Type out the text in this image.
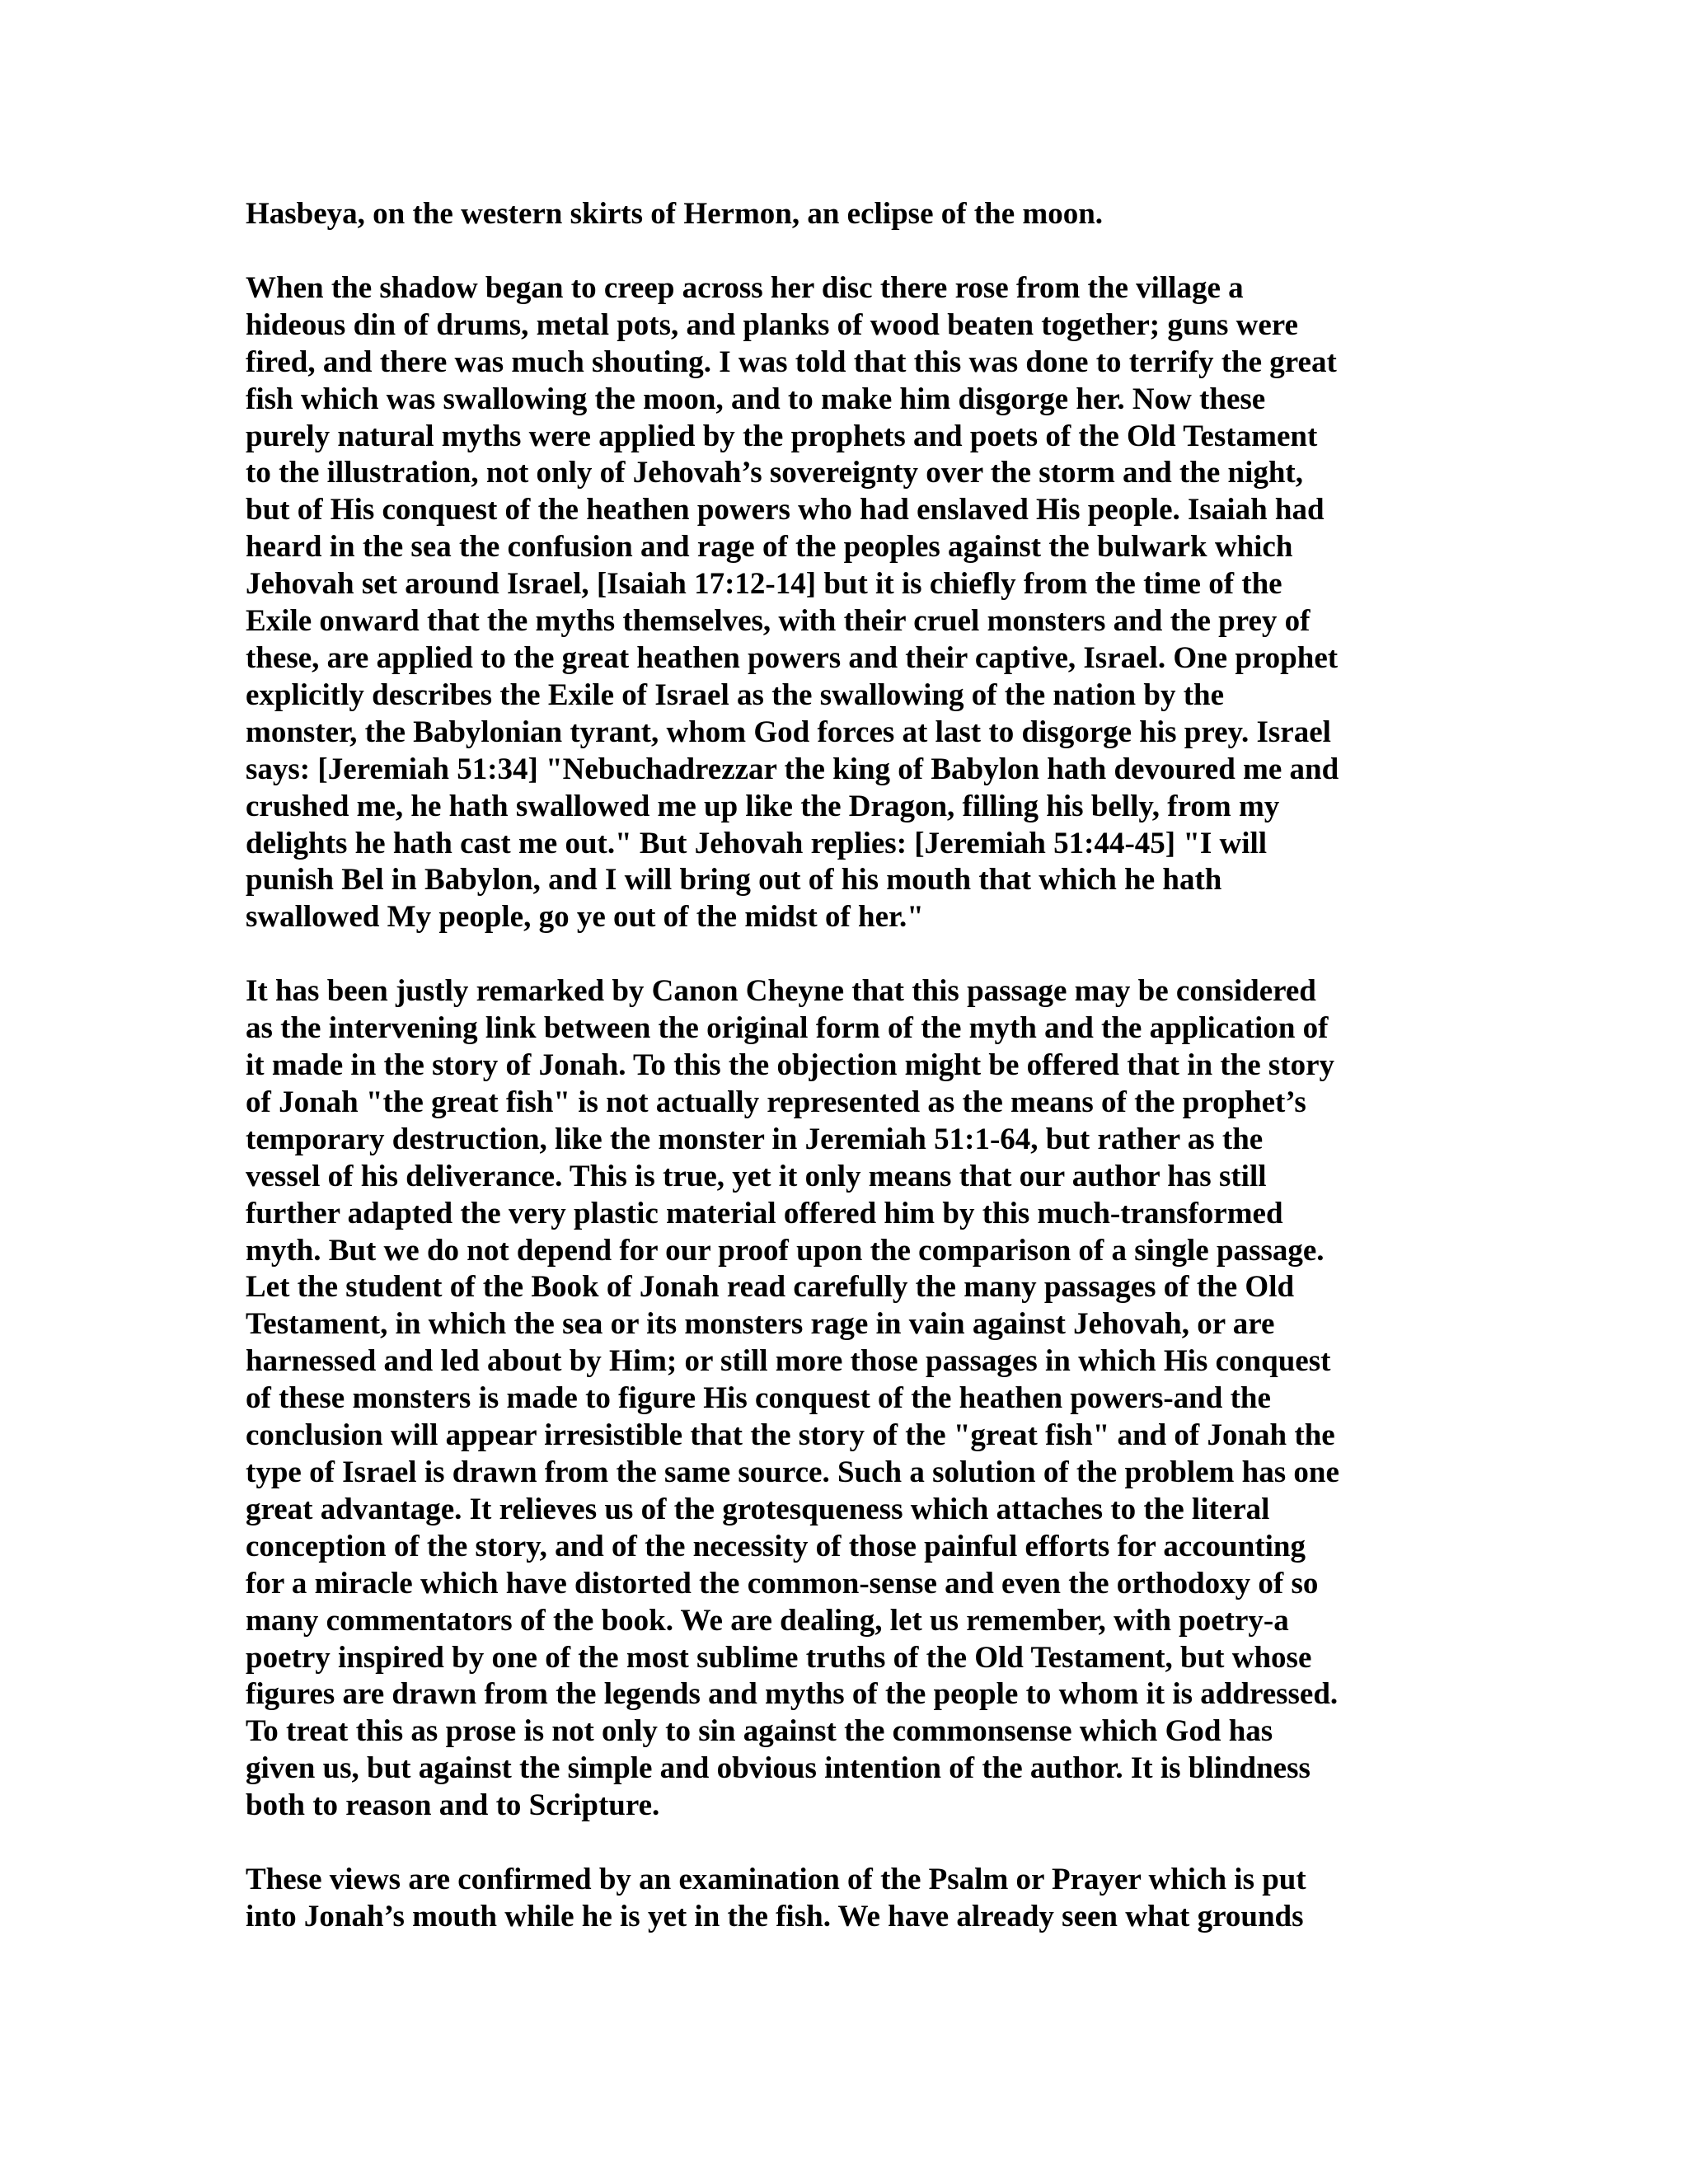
Hasbeya, on the western skirts of Hermon, an eclipse of the moon.

When the shadow began to creep across her disc there rose from the village a
hideous din of drums, metal pots, and planks of wood beaten together; guns were
fired, and there was much shouting. I was told that this was done to terrify the great
fish which was swallowing the moon, and to make him disgorge her. Now these
purely natural myths were applied by the prophets and poets of the Old Testament
to the illustration, not only of Jehovah’s sovereignty over the storm and the night,
but of His conquest of the heathen powers who had enslaved His people. Isaiah had
heard in the sea the confusion and rage of the peoples against the bulwark which
Jehovah set around Israel, [Isaiah 17:12-14] but it is chiefly from the time of the
Exile onward that the myths themselves, with their cruel monsters and the prey of
these, are applied to the great heathen powers and their captive, Israel. One prophet
explicitly describes the Exile of Israel as the swallowing of the nation by the
monster, the Babylonian tyrant, whom God forces at last to disgorge his prey. Israel
says: [Jeremiah 51:34] "Nebuchadrezzar the king of Babylon hath devoured me and
crushed me, he hath swallowed me up like the Dragon, filling his belly, from my
delights he hath cast me out." But Jehovah replies: [Jeremiah 51:44-45] "I will
punish Bel in Babylon, and I will bring out of his mouth that which he hath
swallowed My people, go ye out of the midst of her."

It has been justly remarked by Canon Cheyne that this passage may be considered
as the intervening link between the original form of the myth and the application of
it made in the story of Jonah. To this the objection might be offered that in the story
of Jonah "the great fish" is not actually represented as the means of the prophet’s
temporary destruction, like the monster in Jeremiah 51:1-64, but rather as the
vessel of his deliverance. This is true, yet it only means that our author has still
further adapted the very plastic material offered him by this much-transformed
myth. But we do not depend for our proof upon the comparison of a single passage.
Let the student of the Book of Jonah read carefully the many passages of the Old
Testament, in which the sea or its monsters rage in vain against Jehovah, or are
harnessed and led about by Him; or still more those passages in which His conquest
of these monsters is made to figure His conquest of the heathen powers-and the
conclusion will appear irresistible that the story of the "great fish" and of Jonah the
type of Israel is drawn from the same source. Such a solution of the problem has one
great advantage. It relieves us of the grotesqueness which attaches to the literal
conception of the story, and of the necessity of those painful efforts for accounting
for a miracle which have distorted the common-sense and even the orthodoxy of so
many commentators of the book. We are dealing, let us remember, with poetry-a
poetry inspired by one of the most sublime truths of the Old Testament, but whose
figures are drawn from the legends and myths of the people to whom it is addressed.
To treat this as prose is not only to sin against the commonsense which God has
given us, but against the simple and obvious intention of the author. It is blindness
both to reason and to Scripture.

These views are confirmed by an examination of the Psalm or Prayer which is put
into Jonah’s mouth while he is yet in the fish. We have already seen what grounds
